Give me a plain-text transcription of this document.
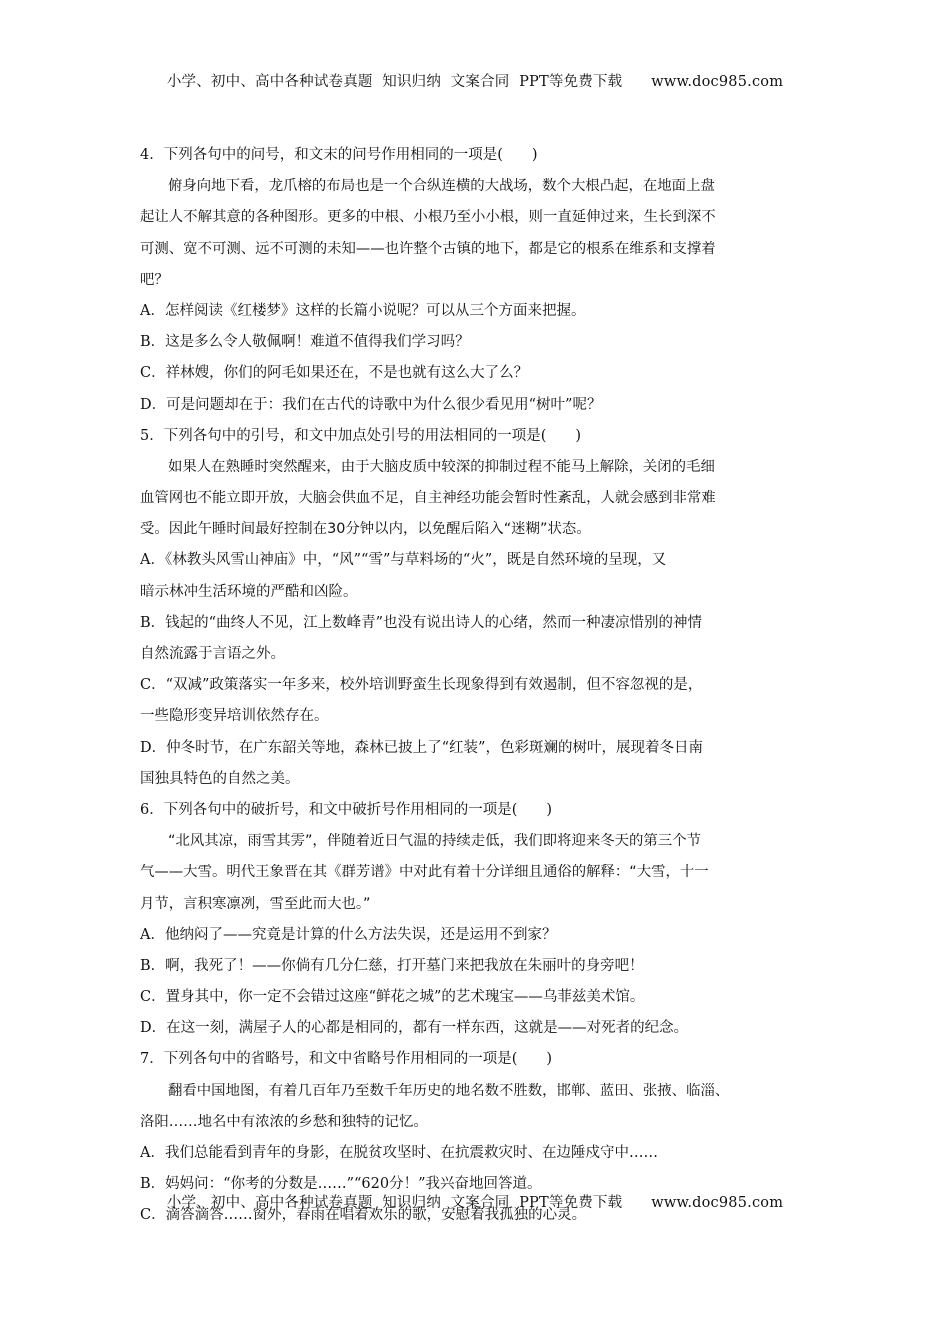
小学、初中、高中各种试卷真题  知识归纳  文案合同  PPT等免费下载      www.doc985.com
4．下列各句中的问号，和文末的问号作用相同的一项是(　　)
俯身向地下看，龙爪榕的布局也是一个合纵连横的大战场，数个大根凸起，在地面上盘
起让人不解其意的各种图形。更多的中根、小根乃至小小根，则一直延伸过来，生长到深不
可测、宽不可测、远不可测的未知——也许整个古镇的地下，都是它的根系在维系和支撑着
吧？
A．怎样阅读《红楼梦》这样的长篇小说呢？可以从三个方面来把握。
B．这是多么令人敬佩啊！难道不值得我们学习吗？
C．祥林嫂，你们的阿毛如果还在，不是也就有这么大了么？
D．可是问题却在于：我们在古代的诗歌中为什么很少看见用“树叶”呢？
5．下列各句中的引号，和文中加点处引号的用法相同的一项是(　　)
如果人在熟睡时突然醒来，由于大脑皮质中较深的抑制过程不能马上解除，关闭的毛细
血管网也不能立即开放，大脑会供血不足，自主神经功能会暂时性紊乱，人就会感到非常难
受。因此午睡时间最好控制在30分钟以内，以免醒后陷入“迷糊”状态。
A．《林教头风雪山神庙》中，“风”“雪”与草料场的“火”，既是自然环境的呈现，又
暗示林冲生活环境的严酷和凶险。
B．钱起的“曲终人不见，江上数峰青”也没有说出诗人的心绪，然而一种凄凉惜别的神情
自然流露于言语之外。
C．“双减”政策落实一年多来，校外培训野蛮生长现象得到有效遏制，但不容忽视的是，
一些隐形变异培训依然存在。
D．仲冬时节，在广东韶关等地，森林已披上了“红装”，色彩斑斓的树叶，展现着冬日南
国独具特色的自然之美。
6．下列各句中的破折号，和文中破折号作用相同的一项是(　　)
“北风其凉，雨雪其雱”，伴随着近日气温的持续走低，我们即将迎来冬天的第三个节
气——大雪。明代王象晋在其《群芳谱》中对此有着十分详细且通俗的解释：“大雪，十一
月节，言积寒凛冽，雪至此而大也。”
A．他纳闷了——究竟是计算的什么方法失误，还是运用不到家？
B．啊，我死了！——你倘有几分仁慈，打开墓门来把我放在朱丽叶的身旁吧！
C．置身其中，你一定不会错过这座“鲜花之城”的艺术瑰宝——乌菲兹美术馆。
D．在这一刻，满屋子人的心都是相同的，都有一样东西，这就是——对死者的纪念。
7．下列各句中的省略号，和文中省略号作用相同的一项是(　　)
翻看中国地图，有着几百年乃至数千年历史的地名数不胜数，邯郸、蓝田、张掖、临淄、
洛阳……地名中有浓浓的乡愁和独特的记忆。
A．我们总能看到青年的身影，在脱贫攻坚时、在抗震救灾时、在边陲戍守中……
B．妈妈问：“你考的分数是……”“620分！”我兴奋地回答道。
C．滴答滴答……窗外，春雨在唱着欢乐的歌，安慰着我孤独的心灵。
小学、初中、高中各种试卷真题  知识归纳  文案合同  PPT等免费下载      www.doc985.com
